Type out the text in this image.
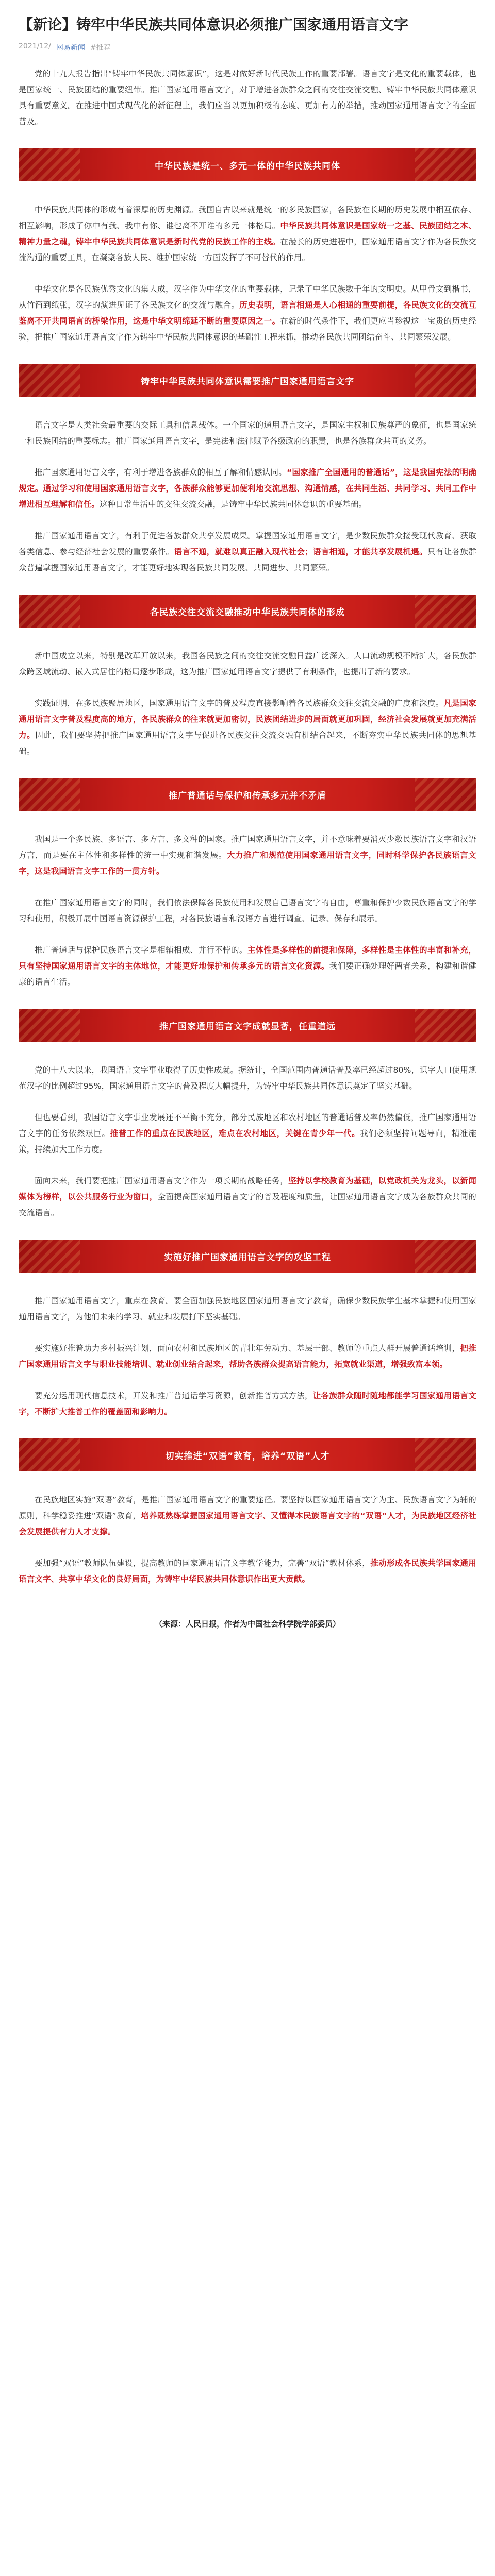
【新论】铸牢中华民族共同体意识必须推广国家通用语言文字
2021/12/ 网易新闻 #推荐

党的十九大报告指出“铸牢中华民族共同体意识”，这是对做好新时代民族工作的重要部署。语言文字是文化的重要载体，也是国家统一、民族团结的重要纽带。推广国家通用语言文字，对于增进各族群众之间的交往交流交融、铸牢中华民族共同体意识具有重要意义。在推进中国式现代化的新征程上，我们应当以更加积极的态度、更加有力的举措，推动国家通用语言文字的全面普及。

中华民族是统一、多元一体的中华民族共同体

中华民族共同体的形成有着深厚的历史渊源。我国自古以来就是统一的多民族国家，各民族在长期的历史发展中相互依存、相互影响，形成了你中有我、我中有你、谁也离不开谁的多元一体格局。中华民族共同体意识是国家统一之基、民族团结之本、精神力量之魂，铸牢中华民族共同体意识是新时代党的民族工作的主线。在漫长的历史进程中，国家通用语言文字作为各民族交流沟通的重要工具，在凝聚各族人民、维护国家统一方面发挥了不可替代的作用。

中华文化是各民族优秀文化的集大成，汉字作为中华文化的重要载体，记录了中华民族数千年的文明史。从甲骨文到楷书，从竹简到纸张，汉字的演进见证了各民族文化的交流与融合。历史表明，语言相通是人心相通的重要前提，各民族文化的交流互鉴离不开共同语言的桥梁作用，这是中华文明绵延不断的重要原因之一。在新的时代条件下，我们更应当珍视这一宝贵的历史经验，把推广国家通用语言文字作为铸牢中华民族共同体意识的基础性工程来抓，推动各民族共同团结奋斗、共同繁荣发展。

铸牢中华民族共同体意识需要推广国家通用语言文字

语言文字是人类社会最重要的交际工具和信息载体。一个国家的通用语言文字，是国家主权和民族尊严的象征，也是国家统一和民族团结的重要标志。推广国家通用语言文字，是宪法和法律赋予各级政府的职责，也是各族群众共同的义务。

推广国家通用语言文字，有利于增进各族群众的相互了解和情感认同。“国家推广全国通用的普通话”，这是我国宪法的明确规定。通过学习和使用国家通用语言文字，各族群众能够更加便利地交流思想、沟通情感，在共同生活、共同学习、共同工作中增进相互理解和信任。这种日常生活中的交往交流交融，是铸牢中华民族共同体意识的重要基础。

推广国家通用语言文字，有利于促进各族群众共享发展成果。掌握国家通用语言文字，是少数民族群众接受现代教育、获取各类信息、参与经济社会发展的重要条件。语言不通，就难以真正融入现代社会；语言相通，才能共享发展机遇。只有让各族群众普遍掌握国家通用语言文字，才能更好地实现各民族共同发展、共同进步、共同繁荣。

各民族交往交流交融推动中华民族共同体的形成

新中国成立以来，特别是改革开放以来，我国各民族之间的交往交流交融日益广泛深入。人口流动规模不断扩大，各民族群众跨区域流动、嵌入式居住的格局逐步形成，这为推广国家通用语言文字提供了有利条件，也提出了新的要求。

实践证明，在多民族聚居地区，国家通用语言文字的普及程度直接影响着各民族群众交往交流交融的广度和深度。凡是国家通用语言文字普及程度高的地方，各民族群众的往来就更加密切，民族团结进步的局面就更加巩固，经济社会发展就更加充满活力。因此，我们要坚持把推广国家通用语言文字与促进各民族交往交流交融有机结合起来，不断夯实中华民族共同体的思想基础。

推广普通话与保护和传承多元并不矛盾

我国是一个多民族、多语言、多方言、多文种的国家。推广国家通用语言文字，并不意味着要消灭少数民族语言文字和汉语方言，而是要在主体性和多样性的统一中实现和谐发展。大力推广和规范使用国家通用语言文字，同时科学保护各民族语言文字，这是我国语言文字工作的一贯方针。

在推广国家通用语言文字的同时，我们依法保障各民族使用和发展自己语言文字的自由，尊重和保护少数民族语言文字的学习和使用，积极开展中国语言资源保护工程，对各民族语言和汉语方言进行调查、记录、保存和展示。

推广普通话与保护民族语言文字是相辅相成、并行不悖的。主体性是多样性的前提和保障，多样性是主体性的丰富和补充，只有坚持国家通用语言文字的主体地位，才能更好地保护和传承多元的语言文化资源。我们要正确处理好两者关系，构建和谐健康的语言生活。

推广国家通用语言文字成就显著，任重道远

党的十八大以来，我国语言文字事业取得了历史性成就。据统计，全国范围内普通话普及率已经超过80%，识字人口使用规范汉字的比例超过95%，国家通用语言文字的普及程度大幅提升，为铸牢中华民族共同体意识奠定了坚实基础。

但也要看到，我国语言文字事业发展还不平衡不充分，部分民族地区和农村地区的普通话普及率仍然偏低，推广国家通用语言文字的任务依然艰巨。推普工作的重点在民族地区，难点在农村地区，关键在青少年一代。我们必须坚持问题导向，精准施策，持续加大工作力度。

面向未来，我们要把推广国家通用语言文字作为一项长期的战略任务，坚持以学校教育为基础，以党政机关为龙头，以新闻媒体为榜样，以公共服务行业为窗口，全面提高国家通用语言文字的普及程度和质量，让国家通用语言文字成为各族群众共同的交流语言。

实施好推广国家通用语言文字的攻坚工程

推广国家通用语言文字，重点在教育。要全面加强民族地区国家通用语言文字教育，确保少数民族学生基本掌握和使用国家通用语言文字，为他们未来的学习、就业和发展打下坚实基础。

要实施好推普助力乡村振兴计划，面向农村和民族地区的青壮年劳动力、基层干部、教师等重点人群开展普通话培训，把推广国家通用语言文字与职业技能培训、就业创业结合起来，帮助各族群众提高语言能力，拓宽就业渠道，增强致富本领。

要充分运用现代信息技术，开发和推广普通话学习资源，创新推普方式方法，让各族群众随时随地都能学习国家通用语言文字，不断扩大推普工作的覆盖面和影响力。

切实推进“双语”教育，培养“双语”人才

在民族地区实施“双语”教育，是推广国家通用语言文字的重要途径。要坚持以国家通用语言文字为主、民族语言文字为辅的原则，科学稳妥推进“双语”教育，培养既熟练掌握国家通用语言文字、又懂得本民族语言文字的“双语”人才，为民族地区经济社会发展提供有力人才支撑。

要加强“双语”教师队伍建设，提高教师的国家通用语言文字教学能力，完善“双语”教材体系，推动形成各民族共学国家通用语言文字、共享中华文化的良好局面，为铸牢中华民族共同体意识作出更大贡献。

（来源：人民日报，作者为中国社会科学院学部委员）
